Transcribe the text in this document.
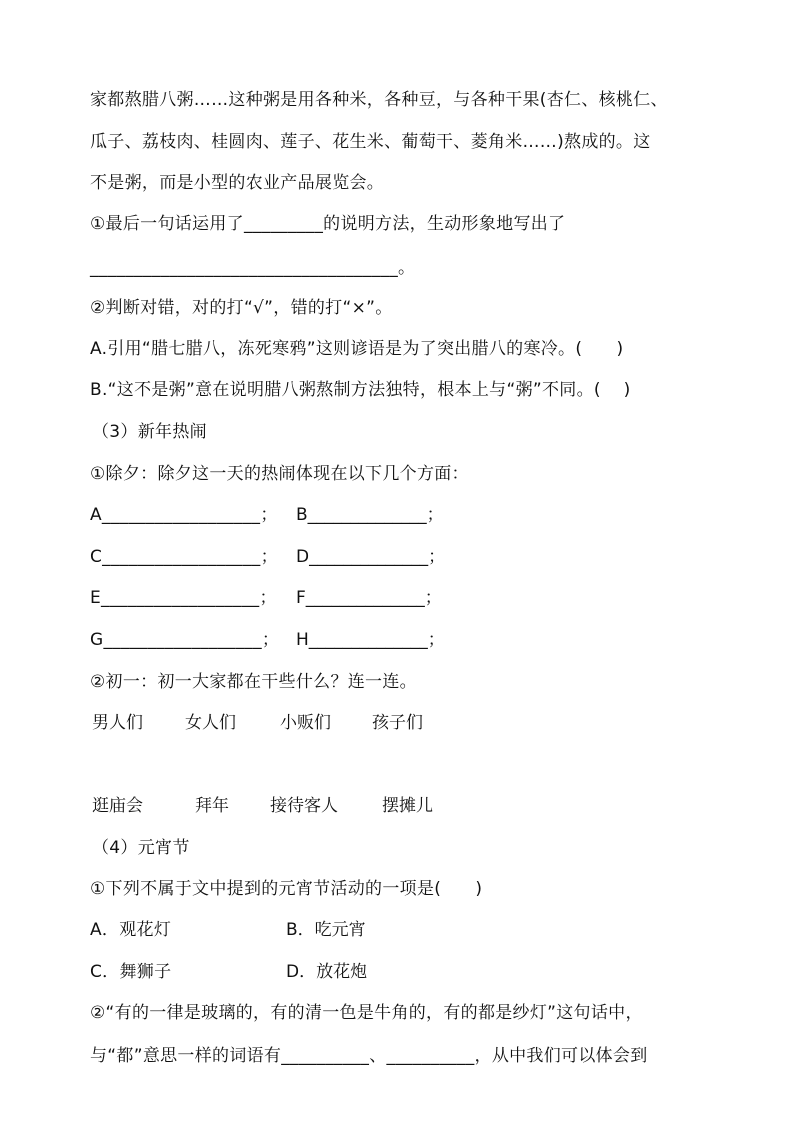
家都熬腊八粥……这种粥是用各种米，各种豆，与各种干果(杏仁、核桃仁、
瓜子、荔枝肉、桂圆肉、莲子、花生米、葡萄干、菱角米……)熬成的。这
不是粥，而是小型的农业产品展览会。
①最后一句话运用了_________的说明方法，生动形象地写出了
___________________________________。
②判断对错，对的打“√”，错的打“×”。
A.引用“腊七腊八，冻死寒鸦”这则谚语是为了突出腊八的寒冷。(      )
B.“这不是粥”意在说明腊八粥熬制方法独特，根本上与“粥”不同。(    )
（3）新年热闹
①除夕：除夕这一天的热闹体现在以下几个方面：
A__________________； B______________；
C__________________； D______________；
E__________________； F______________；
G__________________； H______________；
②初一：初一大家都在干些什么？连一连。
男人们 女人们	小贩们 孩子们
逛庙会	拜年 接待客人	摆摊儿
（4）元宵节
①下列不属于文中提到的元宵节活动的一项是(      )
A．观花灯	B．吃元宵
C．舞狮子	D．放花炮
②“有的一律是玻璃的，有的清一色是牛角的，有的都是纱灯”这句话中，
与“都”意思一样的词语有__________、__________，从中我们可以体会到
